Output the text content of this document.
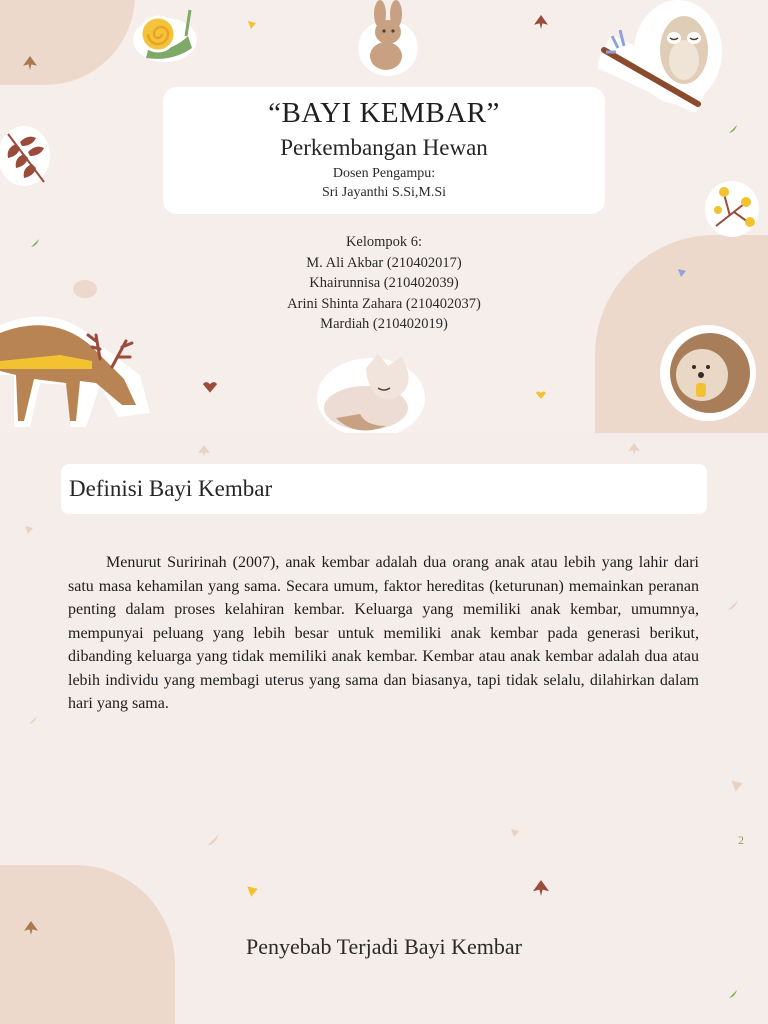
“BAYI KEMBAR”
Perkembangan Hewan
Dosen Pengampu:
Sri Jayanthi S.Si,M.Si
Kelompok 6:
M. Ali Akbar (210402017)
Khairunnisa (210402039)
Arini Shinta Zahara (210402037)
Mardiah (210402019)
Definisi Bayi Kembar
Menurut Suririnah (2007), anak kembar adalah dua orang anak atau lebih yang lahir dari satu masa kehamilan yang sama. Secara umum, faktor hereditas (keturunan) memainkan peranan penting dalam proses kelahiran kembar. Keluarga yang memiliki anak kembar, umumnya, mempunyai peluang yang lebih besar untuk memiliki anak kembar pada generasi berikut, dibanding keluarga yang tidak memiliki anak kembar. Kembar atau anak kembar adalah dua atau lebih individu yang membagi uterus yang sama dan biasanya, tapi tidak selalu, dilahirkan dalam hari yang sama.
2
Penyebab Terjadi Bayi Kembar
